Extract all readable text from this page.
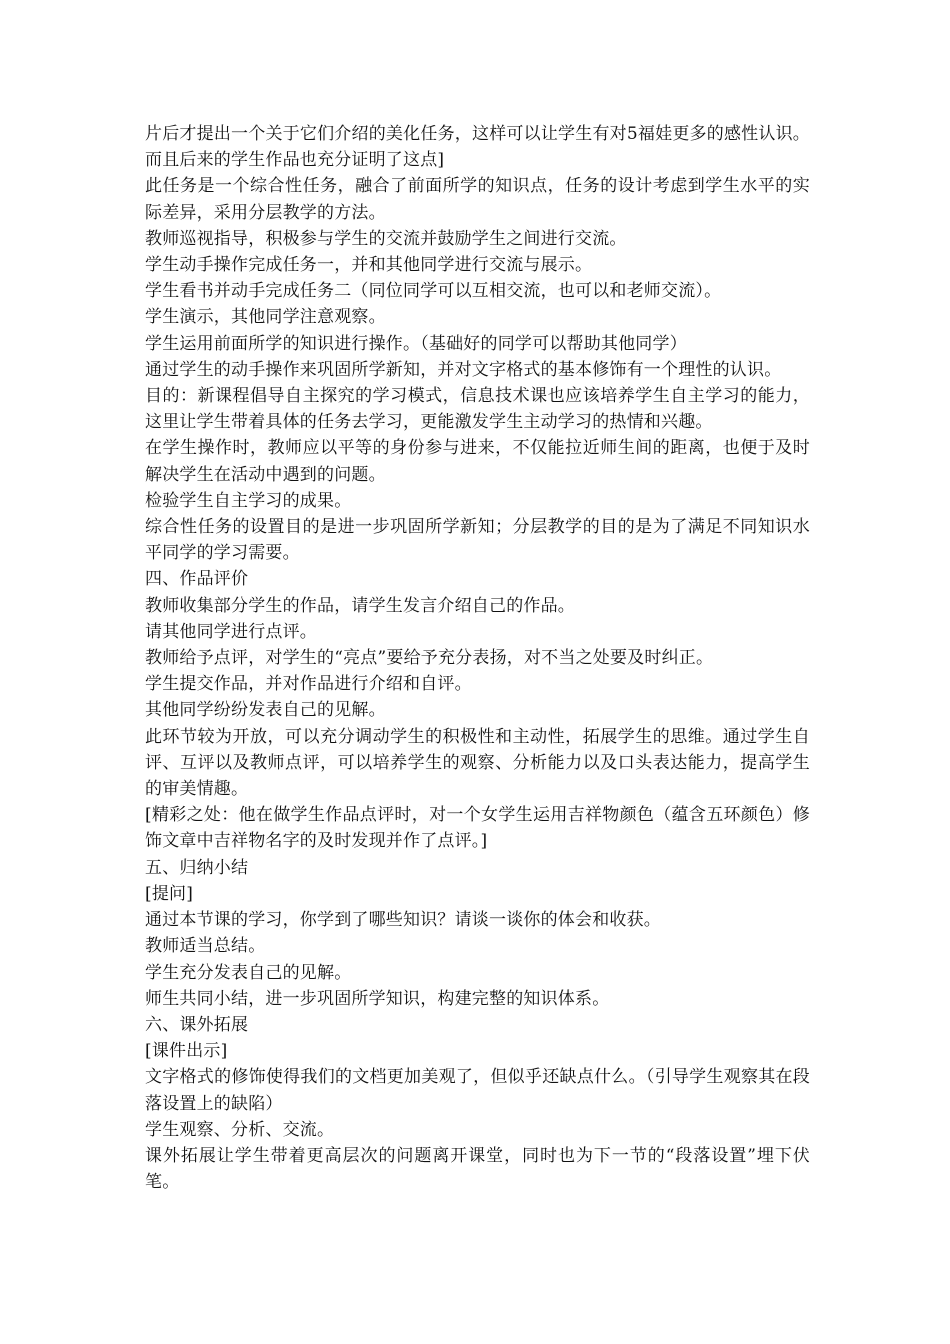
片后才提出一个关于它们介绍的美化任务，这样可以让学生有对5福娃更多的感性认识。而且后来的学生作品也充分证明了这点]

此任务是一个综合性任务，融合了前面所学的知识点，任务的设计考虑到学生水平的实际差异，采用分层教学的方法。

教师巡视指导，积极参与学生的交流并鼓励学生之间进行交流。

学生动手操作完成任务一，并和其他同学进行交流与展示。

学生看书并动手完成任务二（同位同学可以互相交流，也可以和老师交流）。

学生演示，其他同学注意观察。

学生运用前面所学的知识进行操作。（基础好的同学可以帮助其他同学）

通过学生的动手操作来巩固所学新知，并对文字格式的基本修饰有一个理性的认识。

目的：新课程倡导自主探究的学习模式，信息技术课也应该培养学生自主学习的能力，这里让学生带着具体的任务去学习，更能激发学生主动学习的热情和兴趣。

在学生操作时，教师应以平等的身份参与进来，不仅能拉近师生间的距离，也便于及时解决学生在活动中遇到的问题。

检验学生自主学习的成果。

综合性任务的设置目的是进一步巩固所学新知；分层教学的目的是为了满足不同知识水平同学的学习需要。

四、作品评价

教师收集部分学生的作品，请学生发言介绍自己的作品。

请其他同学进行点评。

教师给予点评，对学生的“亮点”要给予充分表扬，对不当之处要及时纠正。

学生提交作品，并对作品进行介绍和自评。

其他同学纷纷发表自己的见解。

此环节较为开放，可以充分调动学生的积极性和主动性，拓展学生的思维。通过学生自评、互评以及教师点评，可以培养学生的观察、分析能力以及口头表达能力，提高学生的审美情趣。

[精彩之处：他在做学生作品点评时，对一个女学生运用吉祥物颜色（蕴含五环颜色）修饰文章中吉祥物名字的及时发现并作了点评。]

五、归纳小结

[提问]

通过本节课的学习，你学到了哪些知识？请谈一谈你的体会和收获。

教师适当总结。

学生充分发表自己的见解。

师生共同小结，进一步巩固所学知识，构建完整的知识体系。

六、课外拓展

[课件出示]

文字格式的修饰使得我们的文档更加美观了，但似乎还缺点什么。（引导学生观察其在段落设置上的缺陷）

学生观察、分析、交流。

课外拓展让学生带着更高层次的问题离开课堂，同时也为下一节的“段落设置”埋下伏笔。
